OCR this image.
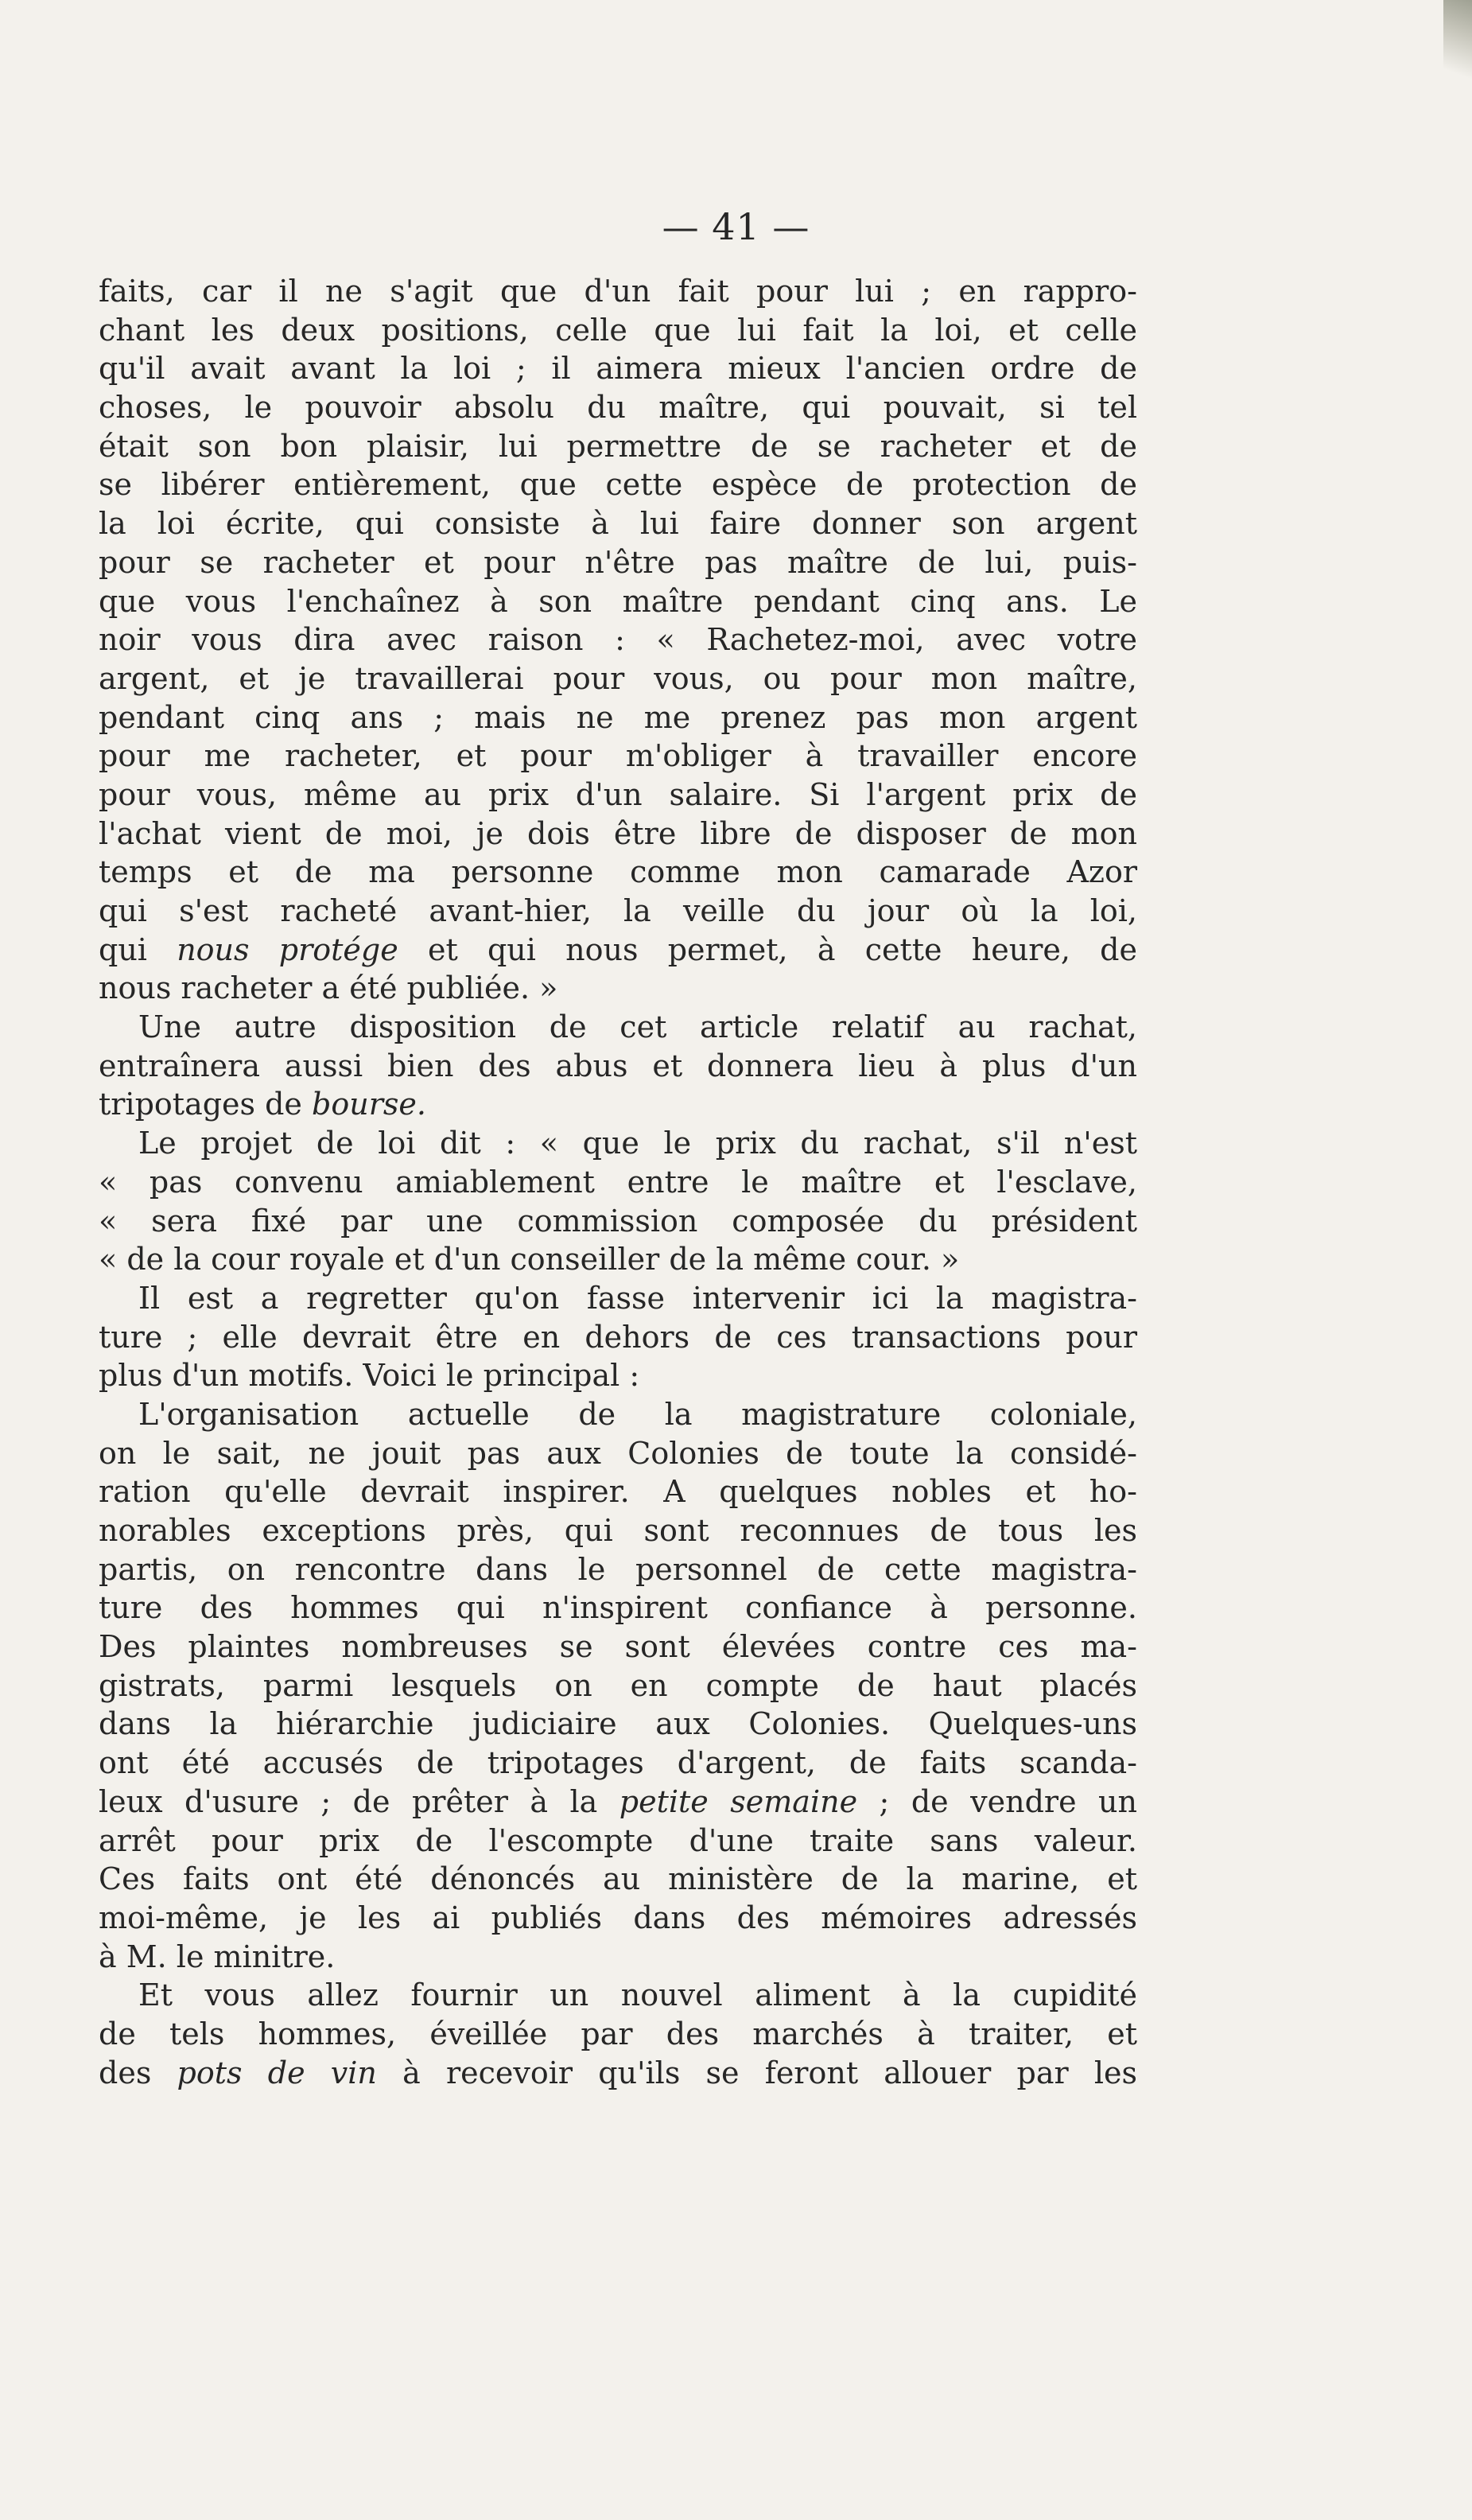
— 41 —
faits, car il ne s'agit que d'un fait pour lui ; en rappro-
chant les deux positions, celle que lui fait la loi, et celle
qu'il avait avant la loi ; il aimera mieux l'ancien ordre de
choses, le pouvoir absolu du maître, qui pouvait, si tel
était son bon plaisir, lui permettre de se racheter et de
se libérer entièrement, que cette espèce de protection de
la loi écrite, qui consiste à lui faire donner son argent
pour se racheter et pour n'être pas maître de lui, puis-
que vous l'enchaînez à son maître pendant cinq ans. Le
noir vous dira avec raison : « Rachetez-moi, avec votre
argent, et je travaillerai pour vous, ou pour mon maître,
pendant cinq ans ; mais ne me prenez pas mon argent
pour me racheter, et pour m'obliger à travailler encore
pour vous, même au prix d'un salaire. Si l'argent prix de
l'achat vient de moi, je dois être libre de disposer de mon
temps et de ma personne comme mon camarade Azor
qui s'est racheté avant-hier, la veille du jour où la loi,
qui nous protége et qui nous permet, à cette heure, de
nous racheter a été publiée. »
Une autre disposition de cet article relatif au rachat,
entraînera aussi bien des abus et donnera lieu à plus d'un
tripotages de bourse.
Le projet de loi dit : « que le prix du rachat, s'il n'est
« pas convenu amiablement entre le maître et l'esclave,
« sera fixé par une commission composée du président
« de la cour royale et d'un conseiller de la même cour. »
Il est a regretter qu'on fasse intervenir ici la magistra-
ture ; elle devrait être en dehors de ces transactions pour
plus d'un motifs. Voici le principal :
L'organisation actuelle de la magistrature coloniale,
on le sait, ne jouit pas aux Colonies de toute la considé-
ration qu'elle devrait inspirer. A quelques nobles et ho-
norables exceptions près, qui sont reconnues de tous les
partis, on rencontre dans le personnel de cette magistra-
ture des hommes qui n'inspirent confiance à personne.
Des plaintes nombreuses se sont élevées contre ces ma-
gistrats, parmi lesquels on en compte de haut placés
dans la hiérarchie judiciaire aux Colonies. Quelques-uns
ont été accusés de tripotages d'argent, de faits scanda-
leux d'usure ; de prêter à la petite semaine ; de vendre un
arrêt pour prix de l'escompte d'une traite sans valeur.
Ces faits ont été dénoncés au ministère de la marine, et
moi-même, je les ai publiés dans des mémoires adressés
à M. le minitre.
Et vous allez fournir un nouvel aliment à la cupidité
de tels hommes, éveillée par des marchés à traiter, et
des pots de vin à recevoir qu'ils se feront allouer par les
